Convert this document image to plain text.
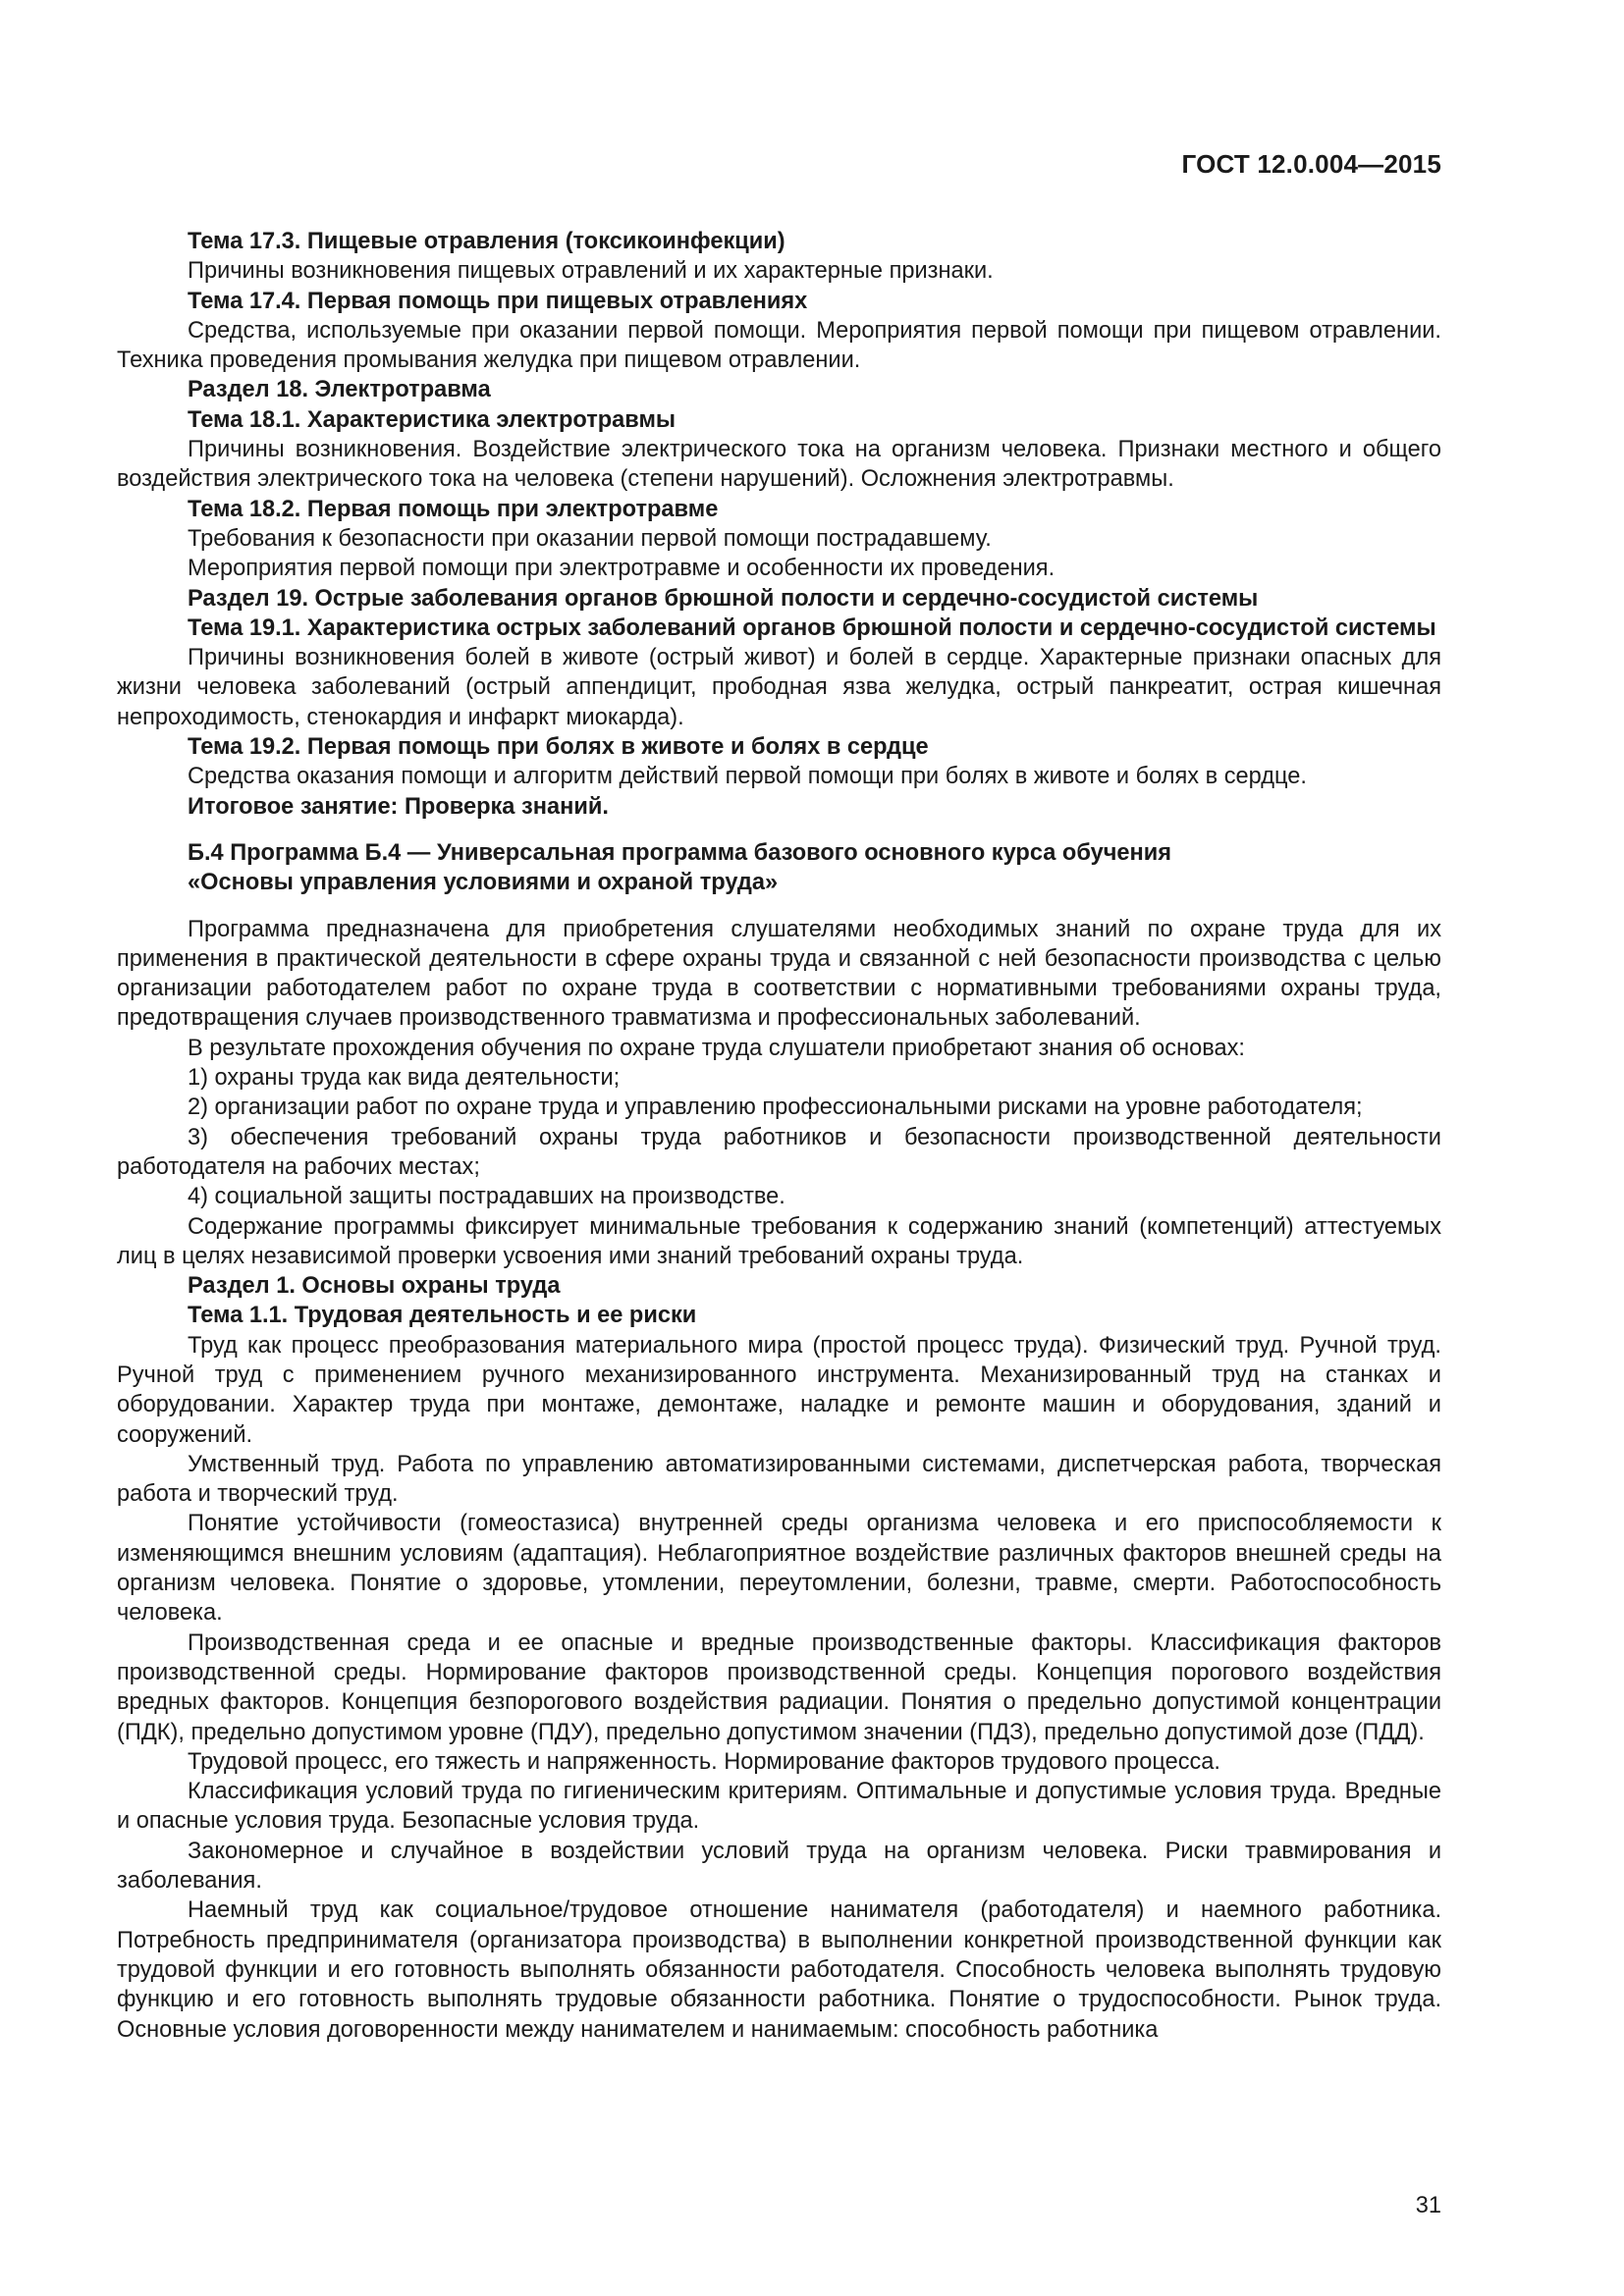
ГОСТ 12.0.004—2015

Тема 17.3. Пищевые отравления (токсикоинфекции)

Причины возникновения пищевых отравлений и их характерные признаки.

Тема 17.4. Первая помощь при пищевых отравлениях

Средства, используемые при оказании первой помощи. Мероприятия первой помощи при пищевом отравлении. Техника проведения промывания желудка при пищевом отравлении.

Раздел 18. Электротравма

Тема 18.1. Характеристика электротравмы

Причины возникновения. Воздействие электрического тока на организм человека. Признаки местного и общего воздействия электрического тока на человека (степени нарушений). Осложнения электротравмы.

Тема 18.2. Первая помощь при электротравме

Требования к безопасности при оказании первой помощи пострадавшему.

Мероприятия первой помощи при электротравме и особенности их проведения.

Раздел 19. Острые заболевания органов брюшной полости и сердечно-сосудистой системы

Тема 19.1. Характеристика острых заболеваний органов брюшной полости и сердечно-сосудистой системы

Причины возникновения болей в животе (острый живот) и болей в сердце. Характерные признаки опасных для жизни человека заболеваний (острый аппендицит, прободная язва желудка, острый панкреатит, острая кишечная непроходимость, стенокардия и инфаркт миокарда).

Тема 19.2. Первая помощь при болях в животе и болях в сердце

Средства оказания помощи и алгоритм действий первой помощи при болях в животе и болях в сердце.

Итоговое занятие: Проверка знаний.

Б.4 Программа Б.4 — Универсальная программа базового основного курса обучения

«Основы управления условиями и охраной труда»

Программа предназначена для приобретения слушателями необходимых знаний по охране труда для их применения в практической деятельности в сфере охраны труда и связанной с ней безопасности производства с целью организации работодателем работ по охране труда в соответствии с нормативными требованиями охраны труда, предотвращения случаев производственного травматизма и профессиональных заболеваний.

В результате прохождения обучения по охране труда слушатели приобретают знания об основах:

1) охраны труда как вида деятельности;

2) организации работ по охране труда и управлению профессиональными рисками на уровне работодателя;

3) обеспечения требований охраны труда работников и безопасности производственной деятельности работодателя на рабочих местах;

4) социальной защиты пострадавших на производстве.

Содержание программы фиксирует минимальные требования к содержанию знаний (компетенций) аттестуемых лиц в целях независимой проверки усвоения ими знаний требований охраны труда.

Раздел 1. Основы охраны труда

Тема 1.1. Трудовая деятельность и ее риски

Труд как процесс преобразования материального мира (простой процесс труда). Физический труд. Ручной труд. Ручной труд с применением ручного механизированного инструмента. Механизированный труд на станках и оборудовании. Характер труда при монтаже, демонтаже, наладке и ремонте машин и оборудования, зданий и сооружений.

Умственный труд. Работа по управлению автоматизированными системами, диспетчерская работа, творческая работа и творческий труд.

Понятие устойчивости (гомеостазиса) внутренней среды организма человека и его приспособляемости к изменяющимся внешним условиям (адаптация). Неблагоприятное воздействие различных факторов внешней среды на организм человека. Понятие о здоровье, утомлении, переутомлении, болезни, травме, смерти. Работоспособность человека.

Производственная среда и ее опасные и вредные производственные факторы. Классификация факторов производственной среды. Нормирование факторов производственной среды. Концепция порогового воздействия вредных факторов. Концепция безпорогового воздействия радиации. Понятия о предельно допустимой концентрации (ПДК), предельно допустимом уровне (ПДУ), предельно допустимом значении (ПДЗ), предельно допустимой дозе (ПДД).

Трудовой процесс, его тяжесть и напряженность. Нормирование факторов трудового процесса.

Классификация условий труда по гигиеническим критериям. Оптимальные и допустимые условия труда. Вредные и опасные условия труда. Безопасные условия труда.

Закономерное и случайное в воздействии условий труда на организм человека. Риски травмирования и заболевания.

Наемный труд как социальное/трудовое отношение нанимателя (работодателя) и наемного работника. Потребность предпринимателя (организатора производства) в выполнении конкретной производственной функции как трудовой функции и его готовность выполнять обязанности работодателя. Способность человека выполнять трудовую функцию и его готовность выполнять трудовые обязанности работника. Понятие о трудоспособности. Рынок труда. Основные условия договоренности между нанимателем и нанимаемым: способность работника

31
